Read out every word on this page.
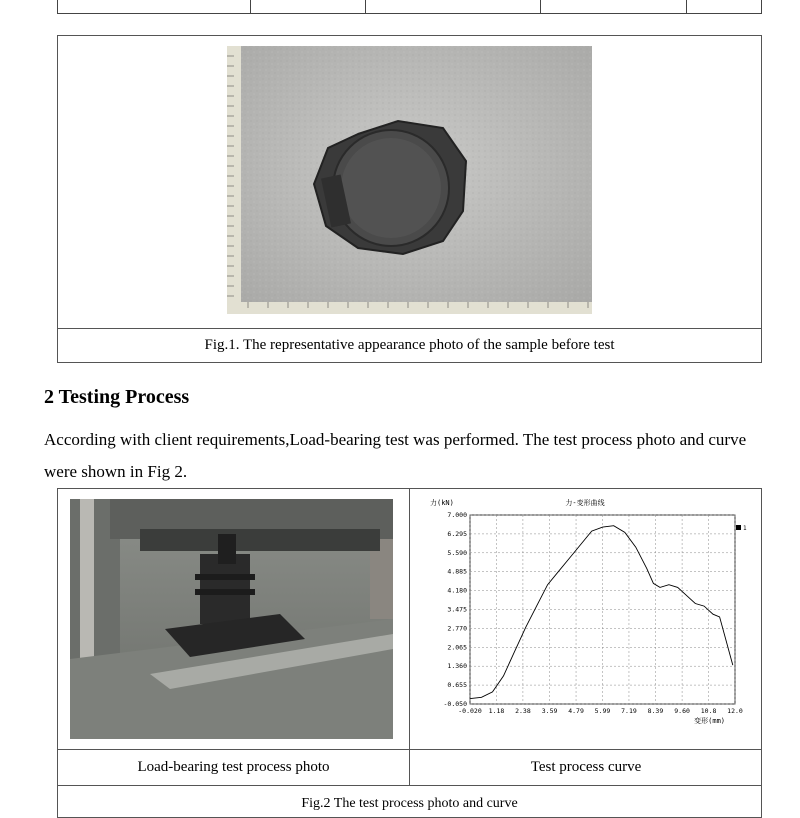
Fig.1. The representative appearance photo of the sample before test
2 Testing Process
According with client requirements,Load-bearing test was performed. The test process photo and curve were shown in Fig 2.
力(kN)	力-变形曲线
变形(mm)
1
-0.020 1.18 2.38 3.59 4.79 5.99 7.19 8.39 9.60 10.8 12.0
-0.050
0.655
1.360
2.065
2.770
3.475
4.180
4.885
5.590
6.295
7.000
Load-bearing test process photo	Test process curve
Fig.2 The test process photo and curve
